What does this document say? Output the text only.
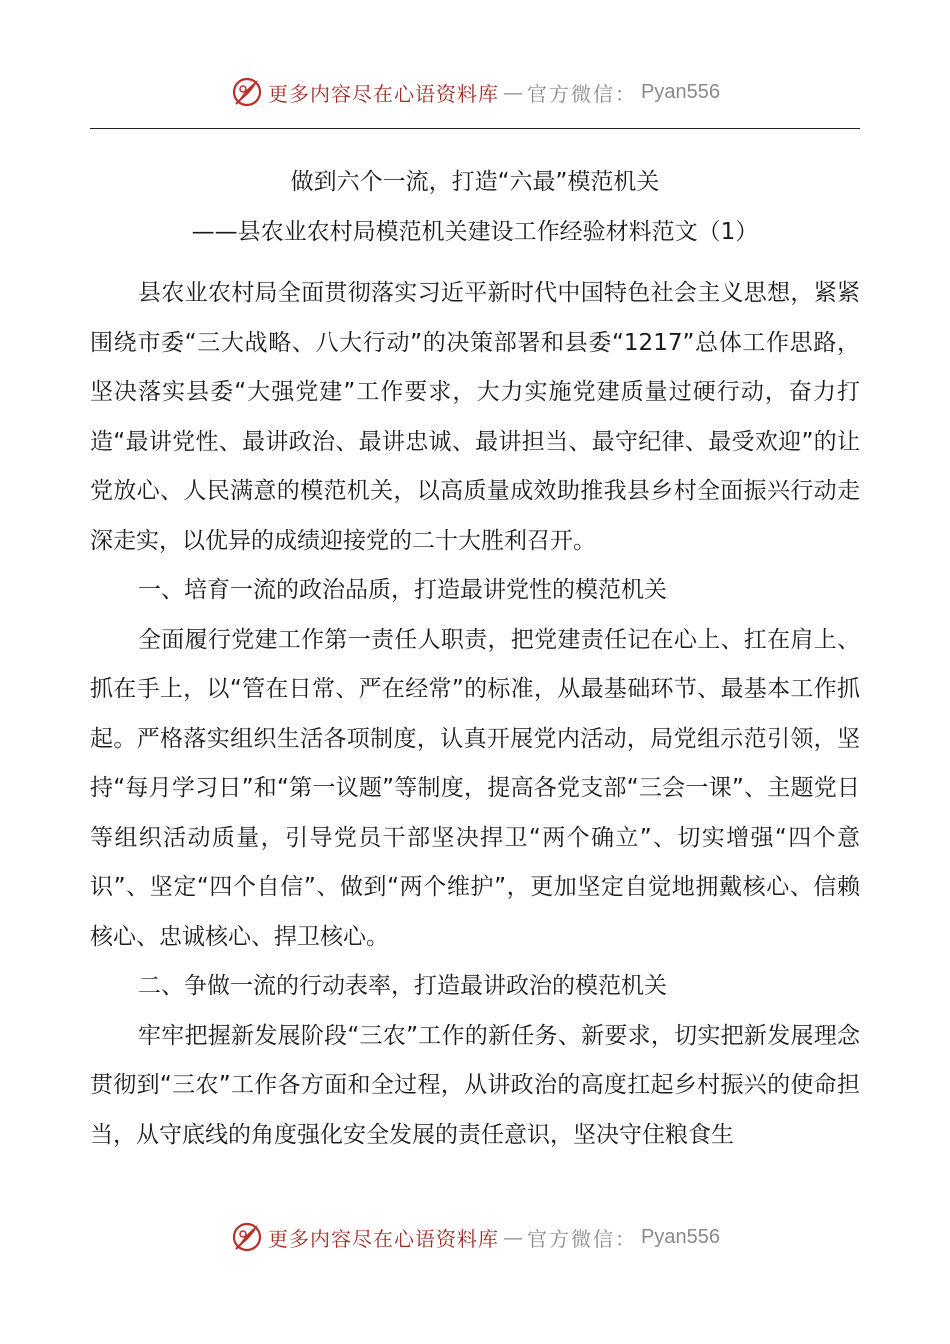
更多内容尽在心语资料库 — 官方微信： Pyan556
做到六个一流，打造“六最”模范机关
——县农业农村局模范机关建设工作经验材料范文（1）

县农业农村局全面贯彻落实习近平新时代中国特色社会主义思想，紧紧围绕市委“三大战略、八大行动”的决策部署和县委“1217”总体工作思路，坚决落实县委“大强党建”工作要求，大力实施党建质量过硬行动，奋力打造“最讲党性、最讲政治、最讲忠诚、最讲担当、最守纪律、最受欢迎”的让党放心、人民满意的模范机关，以高质量成效助推我县乡村全面振兴行动走深走实，以优异的成绩迎接党的二十大胜利召开。

一、培育一流的政治品质，打造最讲党性的模范机关

全面履行党建工作第一责任人职责，把党建责任记在心上、扛在肩上、抓在手上，以“管在日常、严在经常”的标准，从最基础环节、最基本工作抓起。严格落实组织生活各项制度，认真开展党内活动，局党组示范引领，坚持“每月学习日”和“第一议题”等制度，提高各党支部“三会一课”、主题党日等组织活动质量，引导党员干部坚决捍卫“两个确立”、切实增强“四个意识”、坚定“四个自信”、做到“两个维护”，更加坚定自觉地拥戴核心、信赖核心、忠诚核心、捍卫核心。

二、争做一流的行动表率，打造最讲政治的模范机关

牢牢把握新发展阶段“三农”工作的新任务、新要求，切实把新发展理念贯彻到“三农”工作各方面和全过程，从讲政治的高度扛起乡村振兴的使命担当，从守底线的角度强化安全发展的责任意识，坚决守住粮食生

更多内容尽在心语资料库 — 官方微信： Pyan556
